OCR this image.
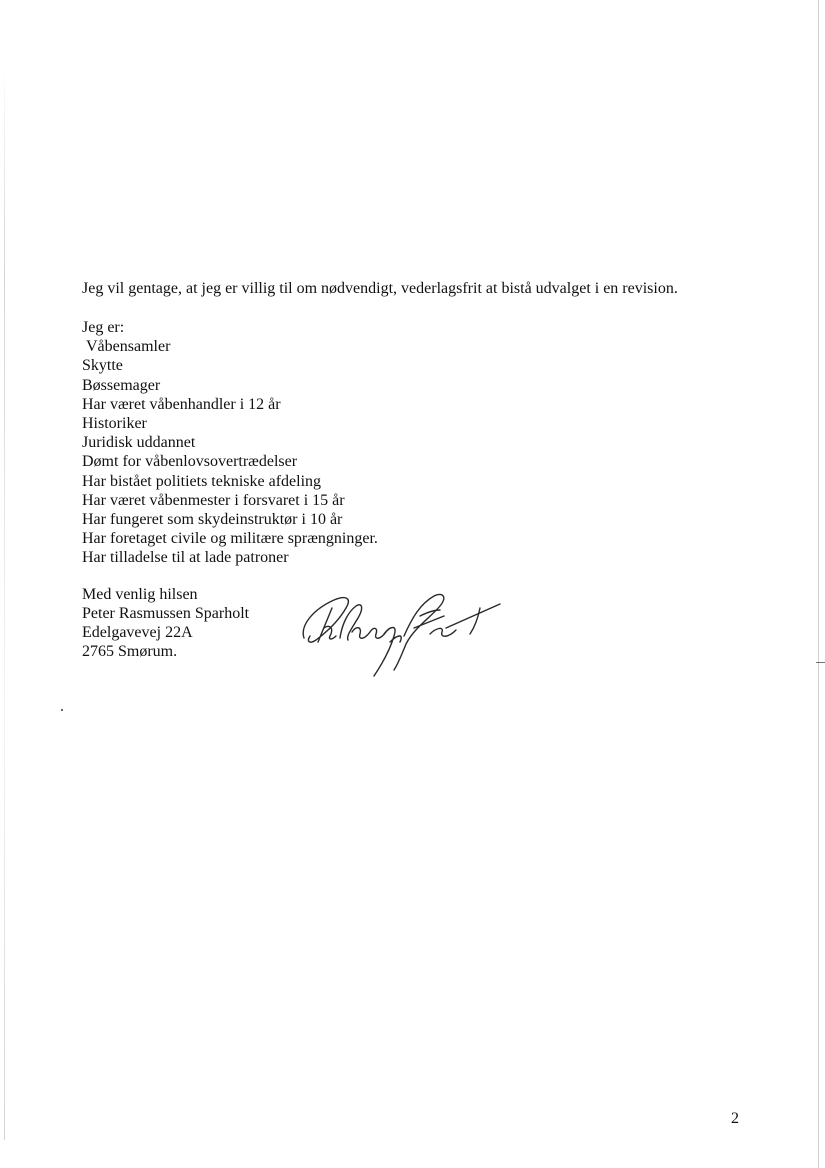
Jeg vil gentage, at jeg er villig til om nødvendigt, vederlagsfrit at bistå udvalget i en revision.
Jeg er:
Våbensamler
Skytte
Bøssemager
Har været våbenhandler i 12 år
Historiker
Juridisk uddannet
Dømt for våbenlovsovertrædelser
Har bistået politiets tekniske afdeling
Har været våbenmester i forsvaret i 15 år
Har fungeret som skydeinstruktør i 10 år
Har foretaget civile og militære sprængninger.
Har tilladelse til at lade patroner
Med venlig hilsen
Peter Rasmussen Sparholt
Edelgavevej 22A
2765 Smørum.
2
